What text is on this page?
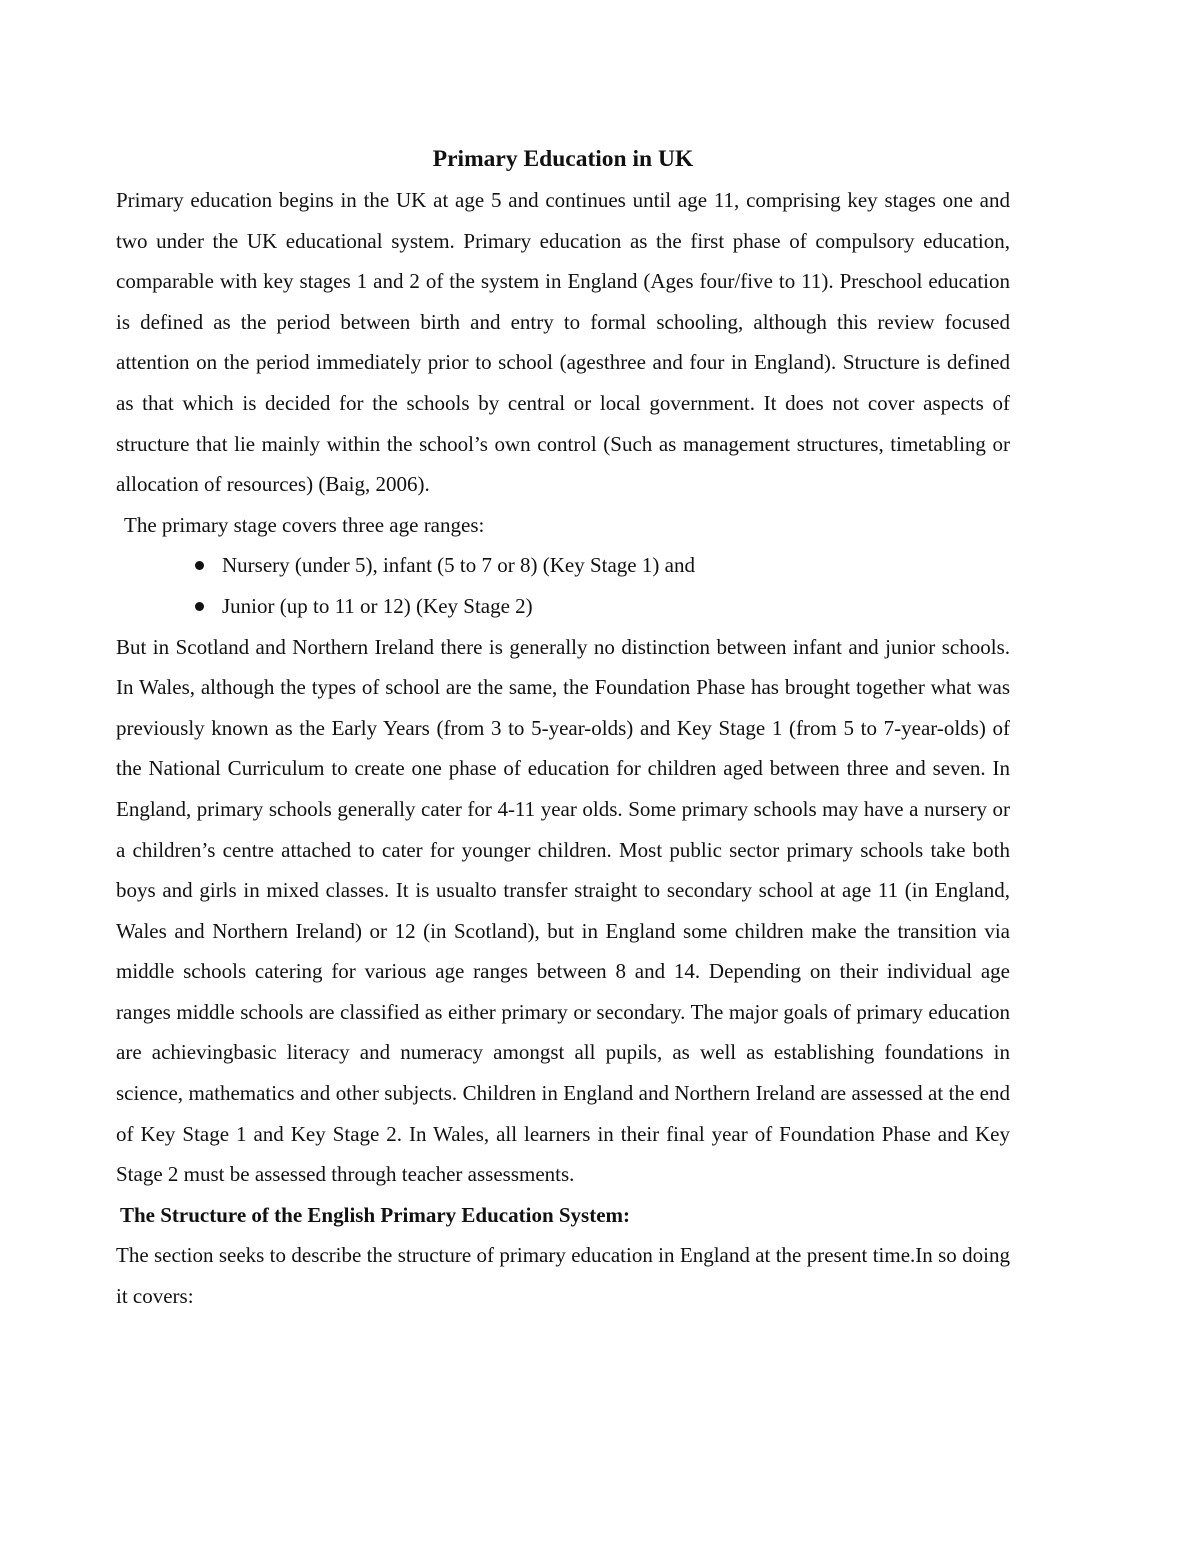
Primary Education in UK

Primary education begins in the UK at age 5 and continues until age 11, comprising key stages one and two under the UK educational system. Primary education as the first phase of compulsory education, comparable with key stages 1 and 2 of the system in England (Ages four/five to 11). Preschool education is defined as the period between birth and entry to formal schooling, although this review focused attention on the period immediately prior to school (agesthree and four in England). Structure is defined as that which is decided for the schools by central or local government. It does not cover aspects of structure that lie mainly within the school’s own control (Such as management structures, timetabling or allocation of resources) (Baig, 2006).

The primary stage covers three age ranges:

Nursery (under 5), infant (5 to 7 or 8) (Key Stage 1) and
Junior (up to 11 or 12) (Key Stage 2)

But in Scotland and Northern Ireland there is generally no distinction between infant and junior schools. In Wales, although the types of school are the same, the Foundation Phase has brought together what was previously known as the Early Years (from 3 to 5-year-olds) and Key Stage 1 (from 5 to 7-year-olds) of the National Curriculum to create one phase of education for children aged between three and seven. In England, primary schools generally cater for 4-11 year olds. Some primary schools may have a nursery or a children’s centre attached to cater for younger children. Most public sector primary schools take both boys and girls in mixed classes. It is usualto transfer straight to secondary school at age 11 (in England, Wales and Northern Ireland) or 12 (in Scotland), but in England some children make the transition via middle schools catering for various age ranges between 8 and 14. Depending on their individual age ranges middle schools are classified as either primary or secondary. The major goals of primary education are achievingbasic literacy and numeracy amongst all pupils, as well as establishing foundations in science, mathematics and other subjects. Children in England and Northern Ireland are assessed at the end of Key Stage 1 and Key Stage 2. In Wales, all learners in their final year of Foundation Phase and Key Stage 2 must be assessed through teacher assessments.

The Structure of the English Primary Education System:

The section seeks to describe the structure of primary education in England at the present time.In so doing it covers:
